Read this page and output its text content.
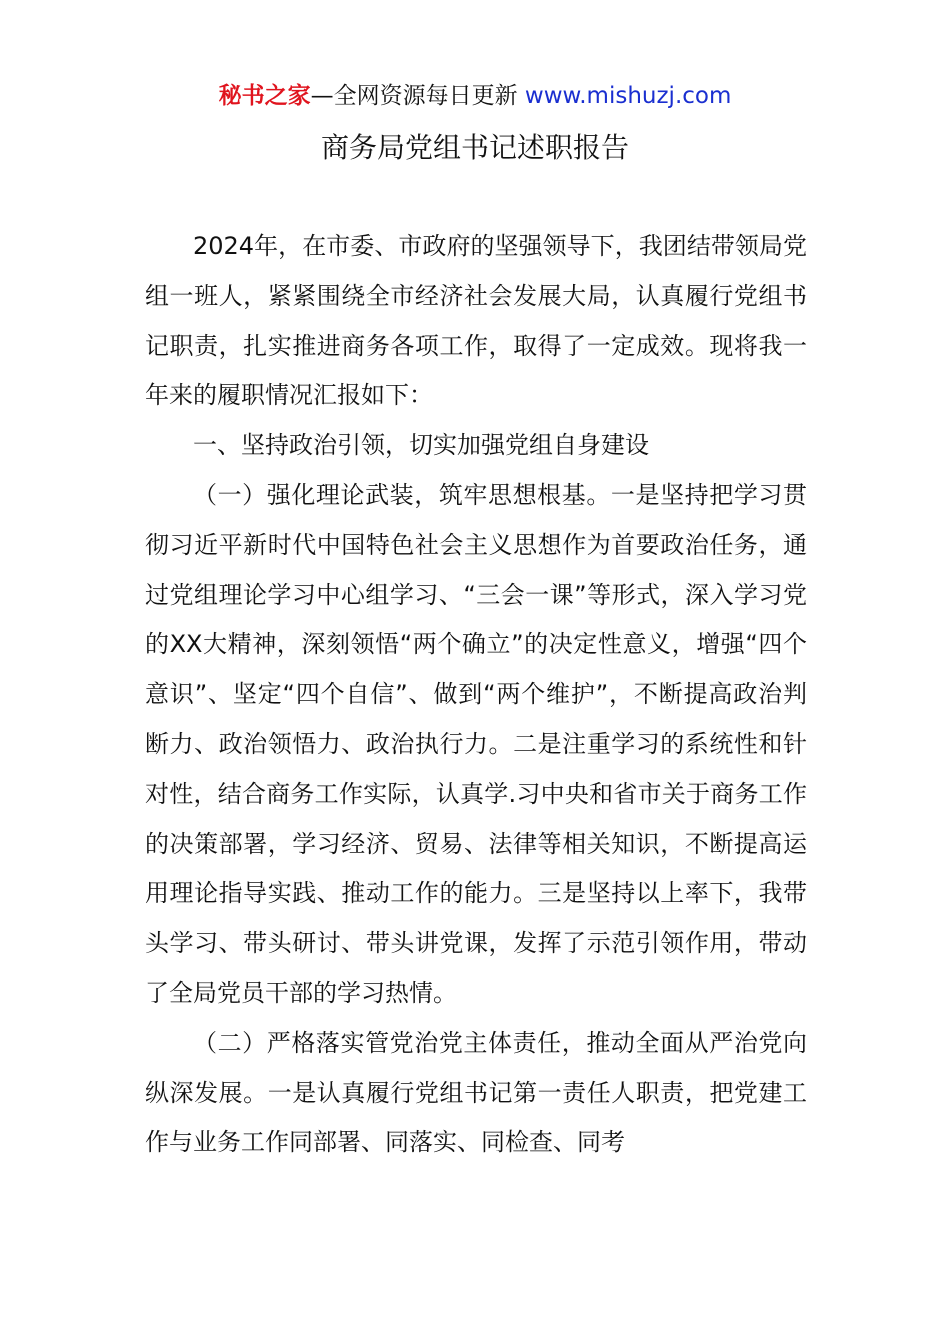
秘书之家—全网资源每日更新 www.mishuzj.com
商务局党组书记述职报告

2024年，在市委、市政府的坚强领导下，我团结带领局党组一班人，紧紧围绕全市经济社会发展大局，认真履行党组书记职责，扎实推进商务各项工作，取得了一定成效。现将我一年来的履职情况汇报如下：

一、坚持政治引领，切实加强党组自身建设

（一）强化理论武装，筑牢思想根基。一是坚持把学习贯彻习近平新时代中国特色社会主义思想作为首要政治任务，通过党组理论学习中心组学习、“三会一课”等形式，深入学习党的XX大精神，深刻领悟“两个确立”的决定性意义，增强“四个意识”、坚定“四个自信”、做到“两个维护”，不断提高政治判断力、政治领悟力、政治执行力。二是注重学习的系统性和针对性，结合商务工作实际，认真学.习中央和省市关于商务工作的决策部署，学习经济、贸易、法律等相关知识，不断提高运用理论指导实践、推动工作的能力。三是坚持以上率下，我带头学习、带头研讨、带头讲党课，发挥了示范引领作用，带动了全局党员干部的学习热情。

（二）严格落实管党治党主体责任，推动全面从严治党向纵深发展。一是认真履行党组书记第一责任人职责，把党建工作与业务工作同部署、同落实、同检查、同考
